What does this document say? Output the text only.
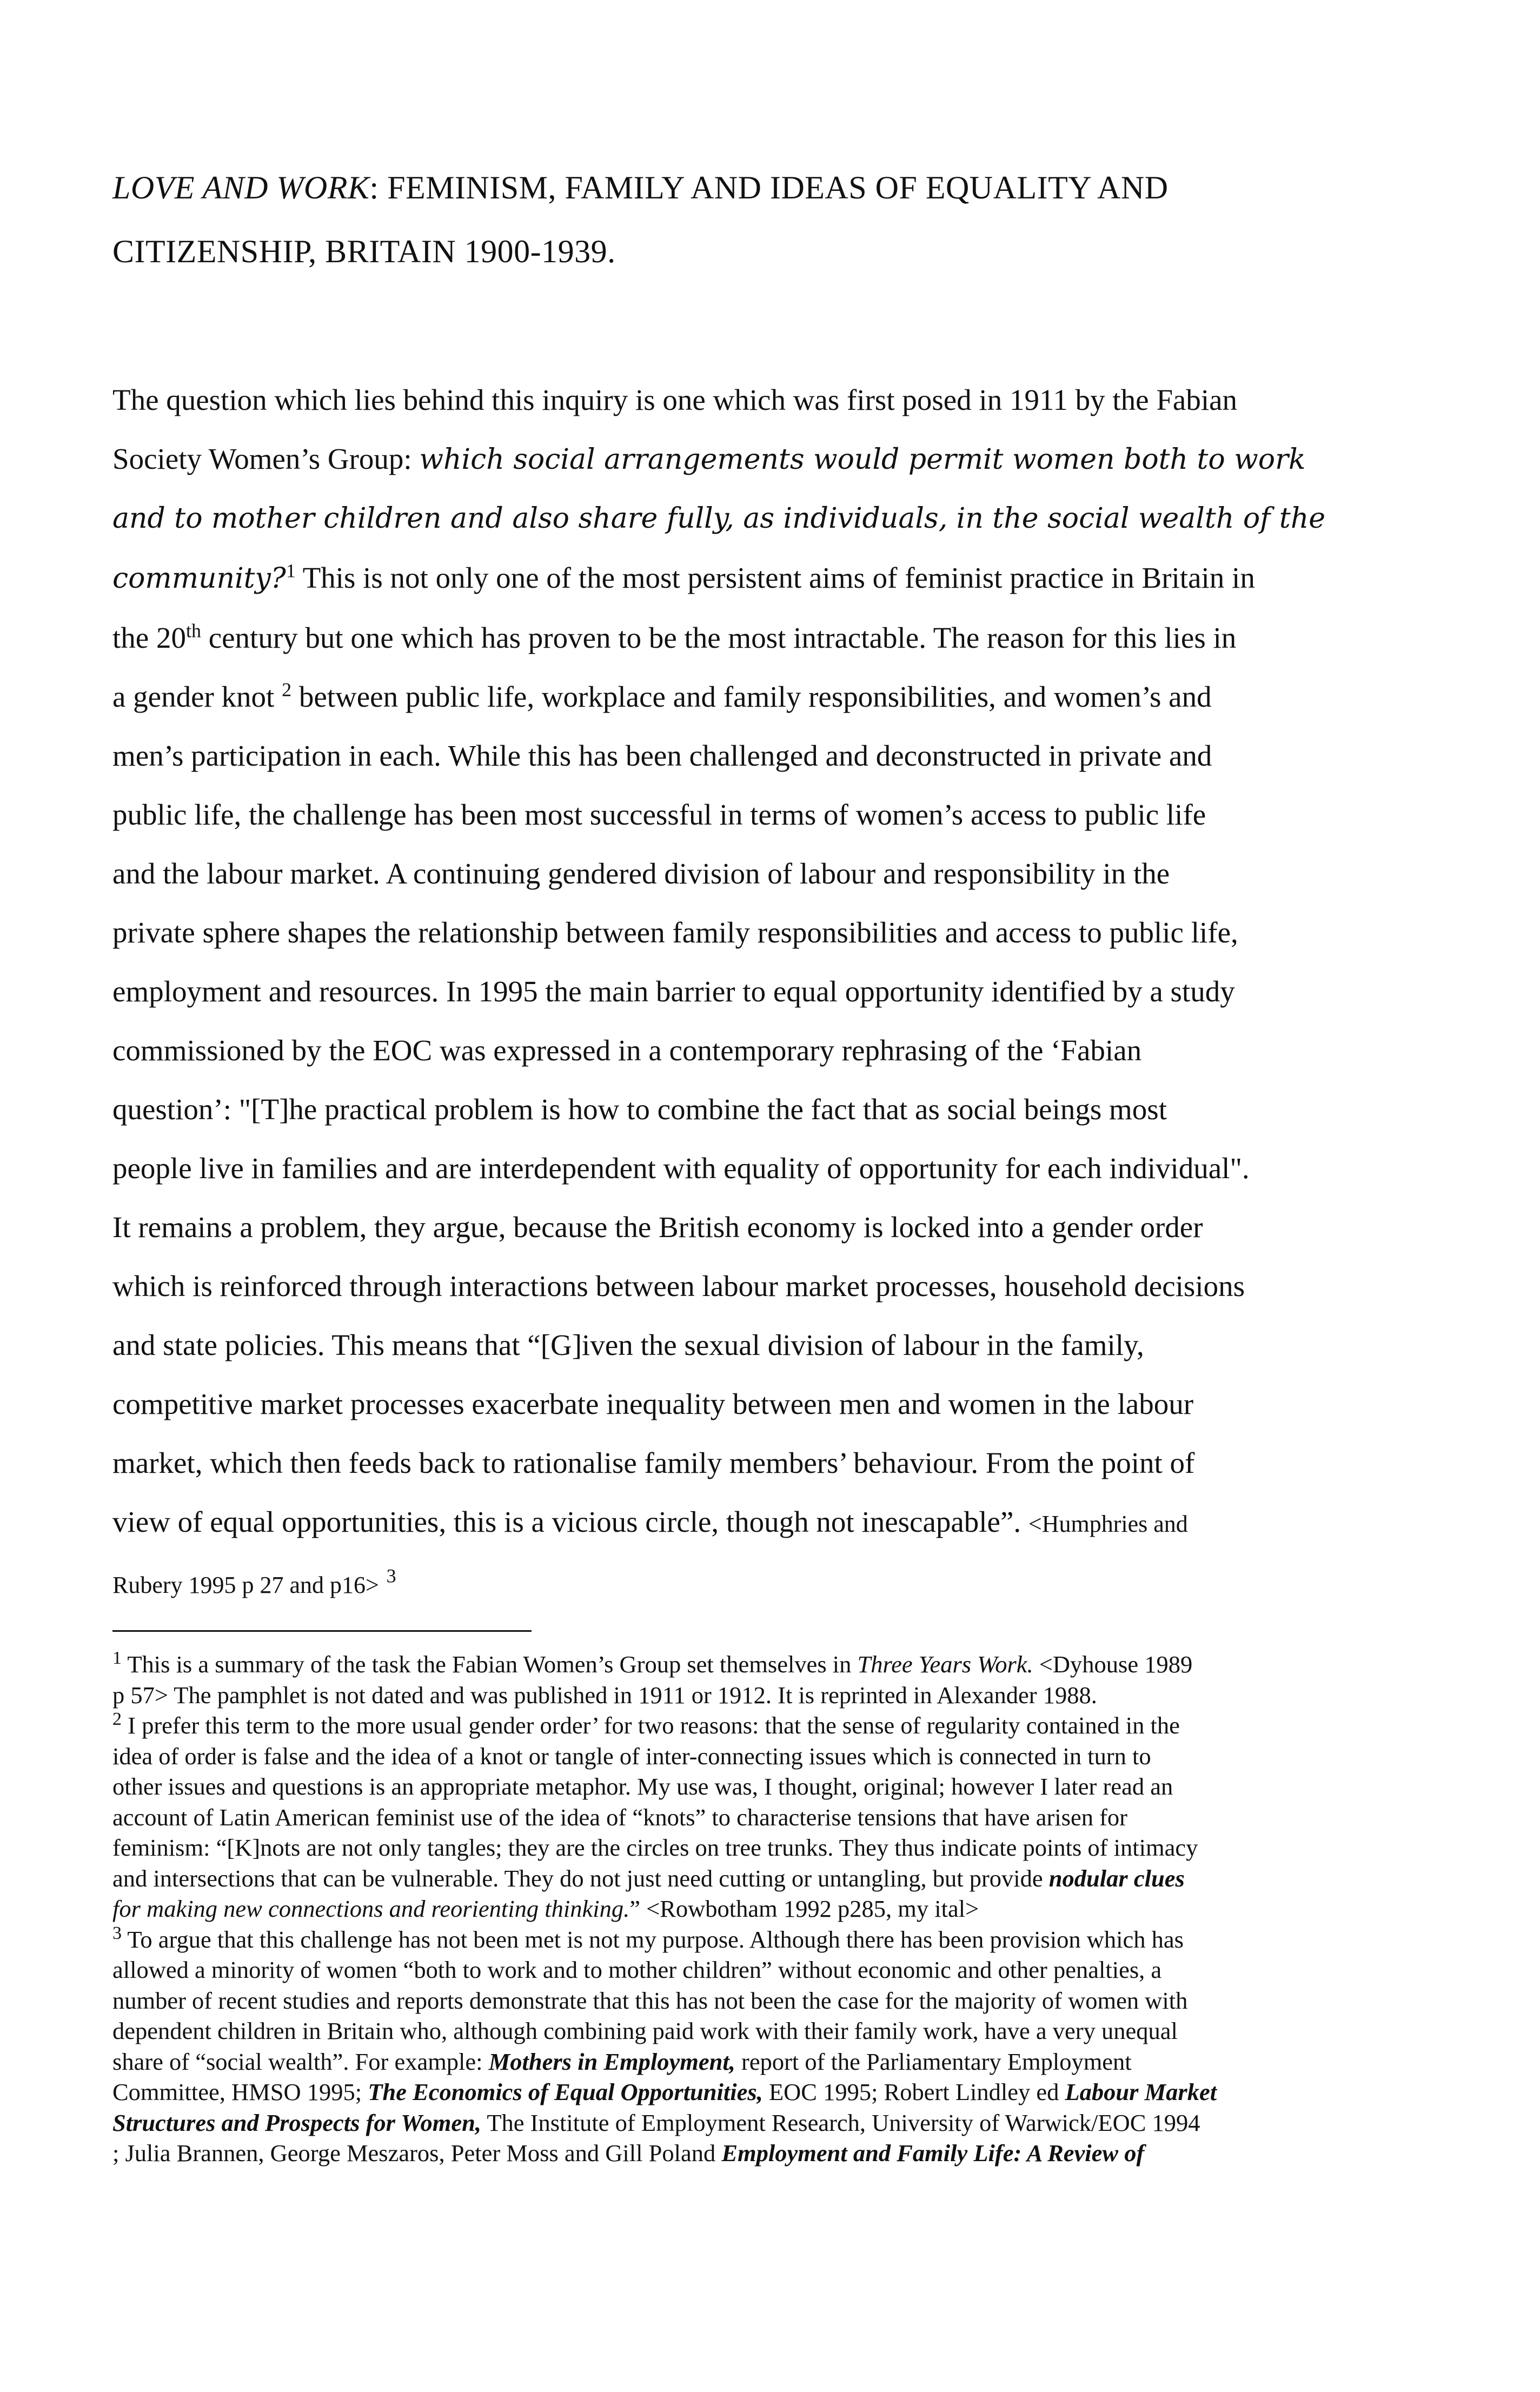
LOVE AND WORK: FEMINISM, FAMILY AND IDEAS OF EQUALITY AND
CITIZENSHIP, BRITAIN 1900-1939.
The question which lies behind this inquiry is one which was first posed in 1911 by the Fabian
Society Women’s Group: which social arrangements would permit women both to work
and to mother children and also share fully, as individuals, in the social wealth of the
community?$^1$ This is not only one of the most persistent aims of feminist practice in Britain in
the 20th century but one which has proven to be the most intractable. The reason for this lies in
a gender knot $^2$ between public life, workplace and family responsibilities, and women’s and
men’s participation in each. While this has been challenged and deconstructed in private and
public life, the challenge has been most successful in terms of women’s access to public life
and the labour market. A continuing gendered division of labour and responsibility in the
private sphere shapes the relationship between family responsibilities and access to public life,
employment and resources. In 1995 the main barrier to equal opportunity identified by a study
commissioned by the EOC was expressed in a contemporary rephrasing of the ‘Fabian
question’: "[T]he practical problem is how to combine the fact that as social beings most
people live in families and are interdependent with equality of opportunity for each individual".
It remains a problem, they argue, because the British economy is locked into a gender order
which is reinforced through interactions between labour market processes, household decisions
and state policies. This means that “[G]iven the sexual division of labour in the family,
competitive market processes exacerbate inequality between men and women in the labour
market, which then feeds back to rationalise family members’ behaviour. From the point of
view of equal opportunities, this is a vicious circle, though not inescapable”. <Humphries and
Rubery 1995 p 27 and p16> $^3$
$^1$ This is a summary of the task the Fabian Women’s Group set themselves in Three Years Work. <Dyhouse 1989
p 57> The pamphlet is not dated and was published in 1911 or 1912. It is reprinted in Alexander 1988.
$^2$ I prefer this term to the more usual gender order’ for two reasons: that the sense of regularity contained in the
idea of order is false and the idea of a knot or tangle of inter-connecting issues which is connected in turn to
other issues and questions is an appropriate metaphor. My use was, I thought, original; however I later read an
account of Latin American feminist use of the idea of “knots” to characterise tensions that have arisen for
feminism: “[K]nots are not only tangles; they are the circles on tree trunks. They thus indicate points of intimacy
and intersections that can be vulnerable. They do not just need cutting or untangling, but provide nodular clues
for making new connections and reorienting thinking.” <Rowbotham 1992 p285, my ital>
$^3$ To argue that this challenge has not been met is not my purpose. Although there has been provision which has
allowed a minority of women “both to work and to mother children” without economic and other penalties, a
number of recent studies and reports demonstrate that this has not been the case for the majority of women with
dependent children in Britain who, although combining paid work with their family work, have a very unequal
share of “social wealth”. For example: Mothers in Employment, report of the Parliamentary Employment
Committee, HMSO 1995; The Economics of Equal Opportunities, EOC 1995; Robert Lindley ed Labour Market
Structures and Prospects for Women, The Institute of Employment Research, University of Warwick/EOC 1994
; Julia Brannen, George Meszaros, Peter Moss and Gill Poland Employment and Family Life: A Review of
